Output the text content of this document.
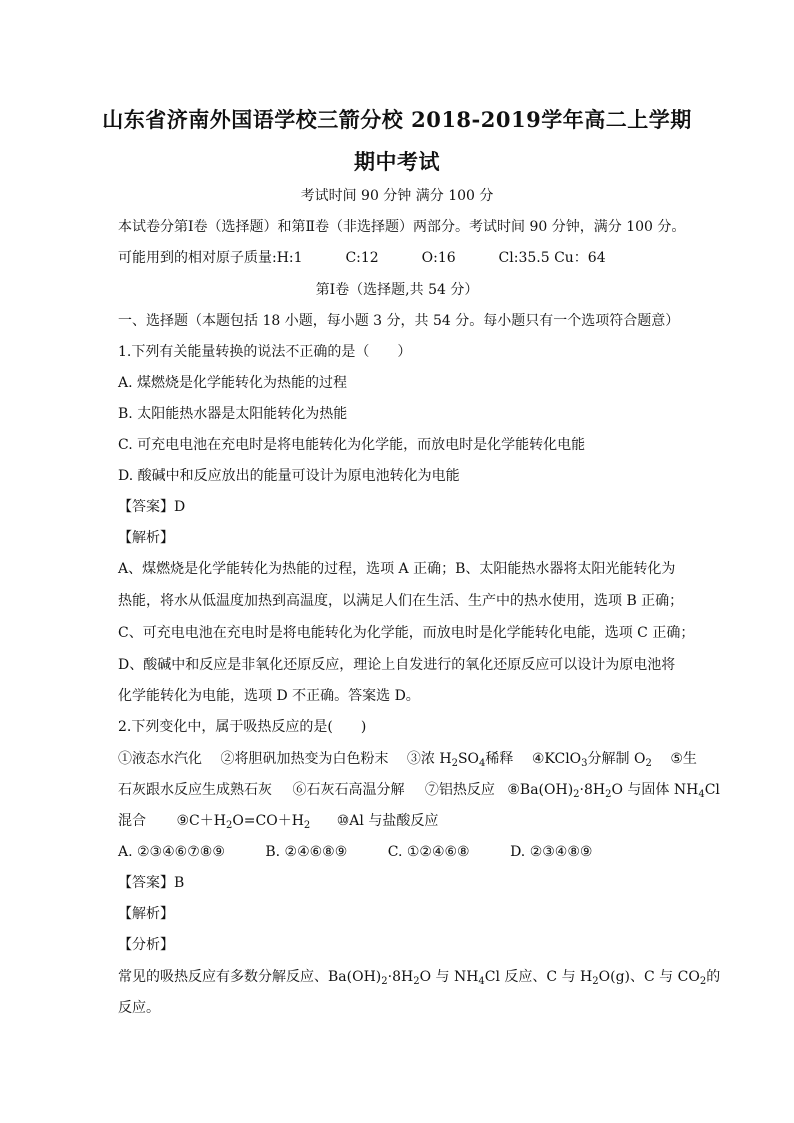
山东省济南外国语学校三箭分校 2018-2019学年高二上学期
期中考试
考试时间 90 分钟 满分 100 分
本试卷分第Ⅰ卷（选择题）和第Ⅱ卷（非选择题）两部分。考试时间 90 分钟，满分 100 分。
可能用到的相对原子质量:H:1	C:12	O:16	Cl:35.5 Cu：64
第Ⅰ卷（选择题,共 54 分）
一、选择题（本题包括 18 小题，每小题 3 分，共 54 分。每小题只有一个选项符合题意）
1.下列有关能量转换的说法不正确的是（　　）
A. 煤燃烧是化学能转化为热能的过程
B. 太阳能热水器是太阳能转化为热能
C. 可充电电池在充电时是将电能转化为化学能，而放电时是化学能转化电能
D. 酸碱中和反应放出的能量可设计为原电池转化为电能
【答案】D
【解析】
A、煤燃烧是化学能转化为热能的过程，选项 A 正确；B、太阳能热水器将太阳光能转化为
热能，将水从低温度加热到高温度，以满足人们在生活、生产中的热水使用，选项 B 正确；
C、可充电电池在充电时是将电能转化为化学能，而放电时是化学能转化电能，选项 C 正确；
D、酸碱中和反应是非氧化还原反应，理论上自发进行的氧化还原反应可以设计为原电池将
化学能转化为电能，选项 D 不正确。答案选 D。
2.下列变化中，属于吸热反应的是(　　)
①液态水汽化 ②将胆矾加热变为白色粉末 ③浓 $H_2SO_4$稀释 ④KClO$_3$分解制 $O_2$ ⑤生
石灰跟水反应生成熟石灰 ⑥石灰石高温分解 ⑦铝热反应 $⑧Ba(OH)_2\cdot 8H_2O$ 与固体 $NH_4Cl$
混合 $⑨C+H_2O=CO+H_2$ ⑩Al 与盐酸反应
A. ②③④⑥⑦⑧⑨	B. ②④⑥⑧⑨	C. ①②④⑥⑧	D. ②③④⑧⑨
【答案】B
【解析】
【分析】
常见的吸热反应有多数分解反应、$Ba(OH)_2\cdot 8H_2O$ 与 $NH_4Cl$ 反应、C 与 $H_2O(g)$、C 与 $CO_2$的
反应。
